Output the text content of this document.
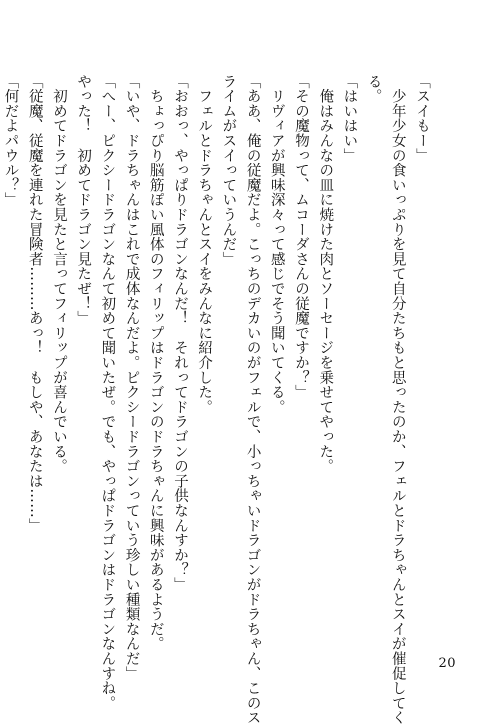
「スイもー」
　少年少女の食いっぷりを見て自分たちもと思ったのか、フェルとドラちゃんとスイが催促してく
る。
「はいはい」
　俺はみんなの皿に焼けた肉とソーセージを乗せてやった。
「その魔物って、ムコーダさんの従魔ですか？」
　リヴィアが興味深々って感じでそう聞いてくる。
「ああ、俺の従魔だよ。こっちのデカいのがフェルで、小っちゃいドラゴンがドラちゃん、このス
ライムがスイっていうんだ」
　フェルとドラちゃんとスイをみんなに紹介した。
「おおっ、やっぱりドラゴンなんだ！　それってドラゴンの子供なんすか？」
　ちょっぴり脳筋ぽい風体のフィリップはドラゴンのドラちゃんに興味があるようだ。
「いや、ドラちゃんはこれで成体なんだよ。ピクシードラゴンっていう珍しい種類なんだ」
「へー、ピクシードラゴンなんて初めて聞いたぜ。でも、やっぱドラゴンはドラゴンなんすね。
やった！　初めてドラゴン見たぜ！」
　初めてドラゴンを見たと言ってフィリップが喜んでいる。
「従魔、従魔を連れた冒険者………あっ！　もしや、あなたは……」
「何だよパウル？」
20
